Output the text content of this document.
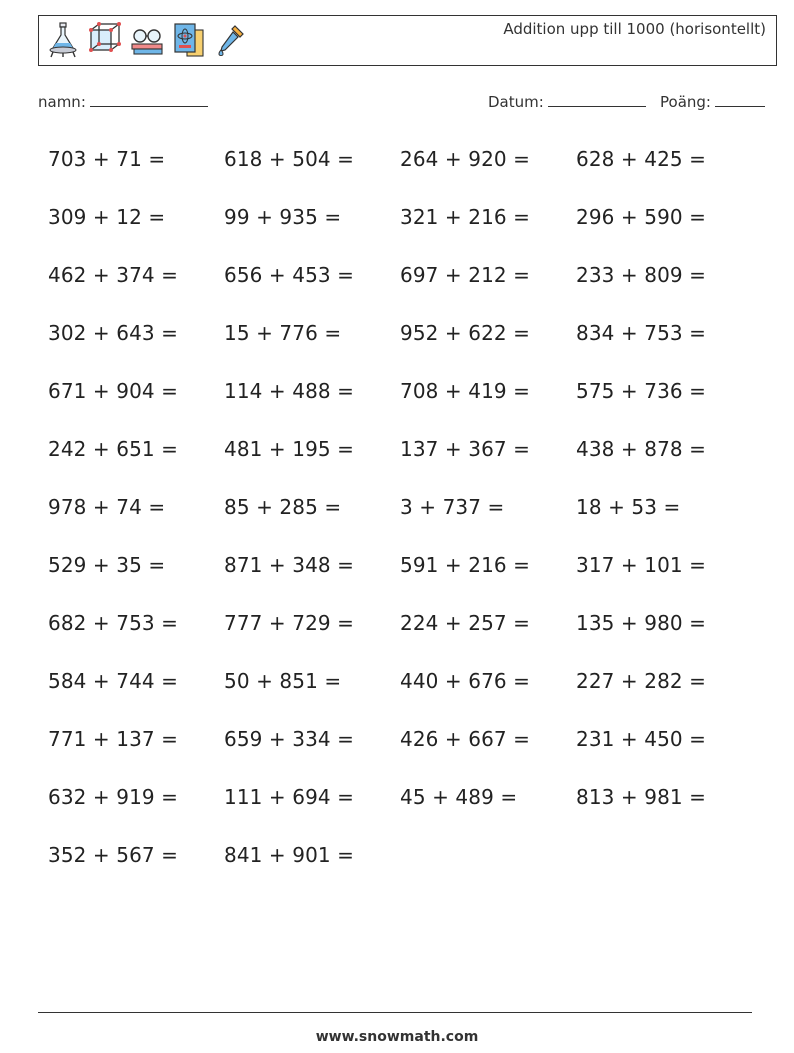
Addition upp till 1000 (horisontellt)
namn:	Datum:	Poäng:
703 + 71 =	618 + 504 = 264 + 920 = 628 + 425 =
309 + 12 =	99 + 935 =	321 + 216 = 296 + 590 =
462 + 374 = 656 + 453 = 697 + 212 = 233 + 809 =
302 + 643 = 15 + 776 =	952 + 622 = 834 + 753 =
671 + 904 = 114 + 488 = 708 + 419 = 575 + 736 =
242 + 651 = 481 + 195 = 137 + 367 = 438 + 878 =
978 + 74 =	85 + 285 =	3 + 737 =	18 + 53 =
529 + 35 =	871 + 348 = 591 + 216 = 317 + 101 =
682 + 753 = 777 + 729 = 224 + 257 = 135 + 980 =
584 + 744 = 50 + 851 =	440 + 676 = 227 + 282 =
771 + 137 = 659 + 334 = 426 + 667 = 231 + 450 =
632 + 919 = 111 + 694 = 45 + 489 =	813 + 981 =
352 + 567 = 841 + 901 =
www.snowmath.com
